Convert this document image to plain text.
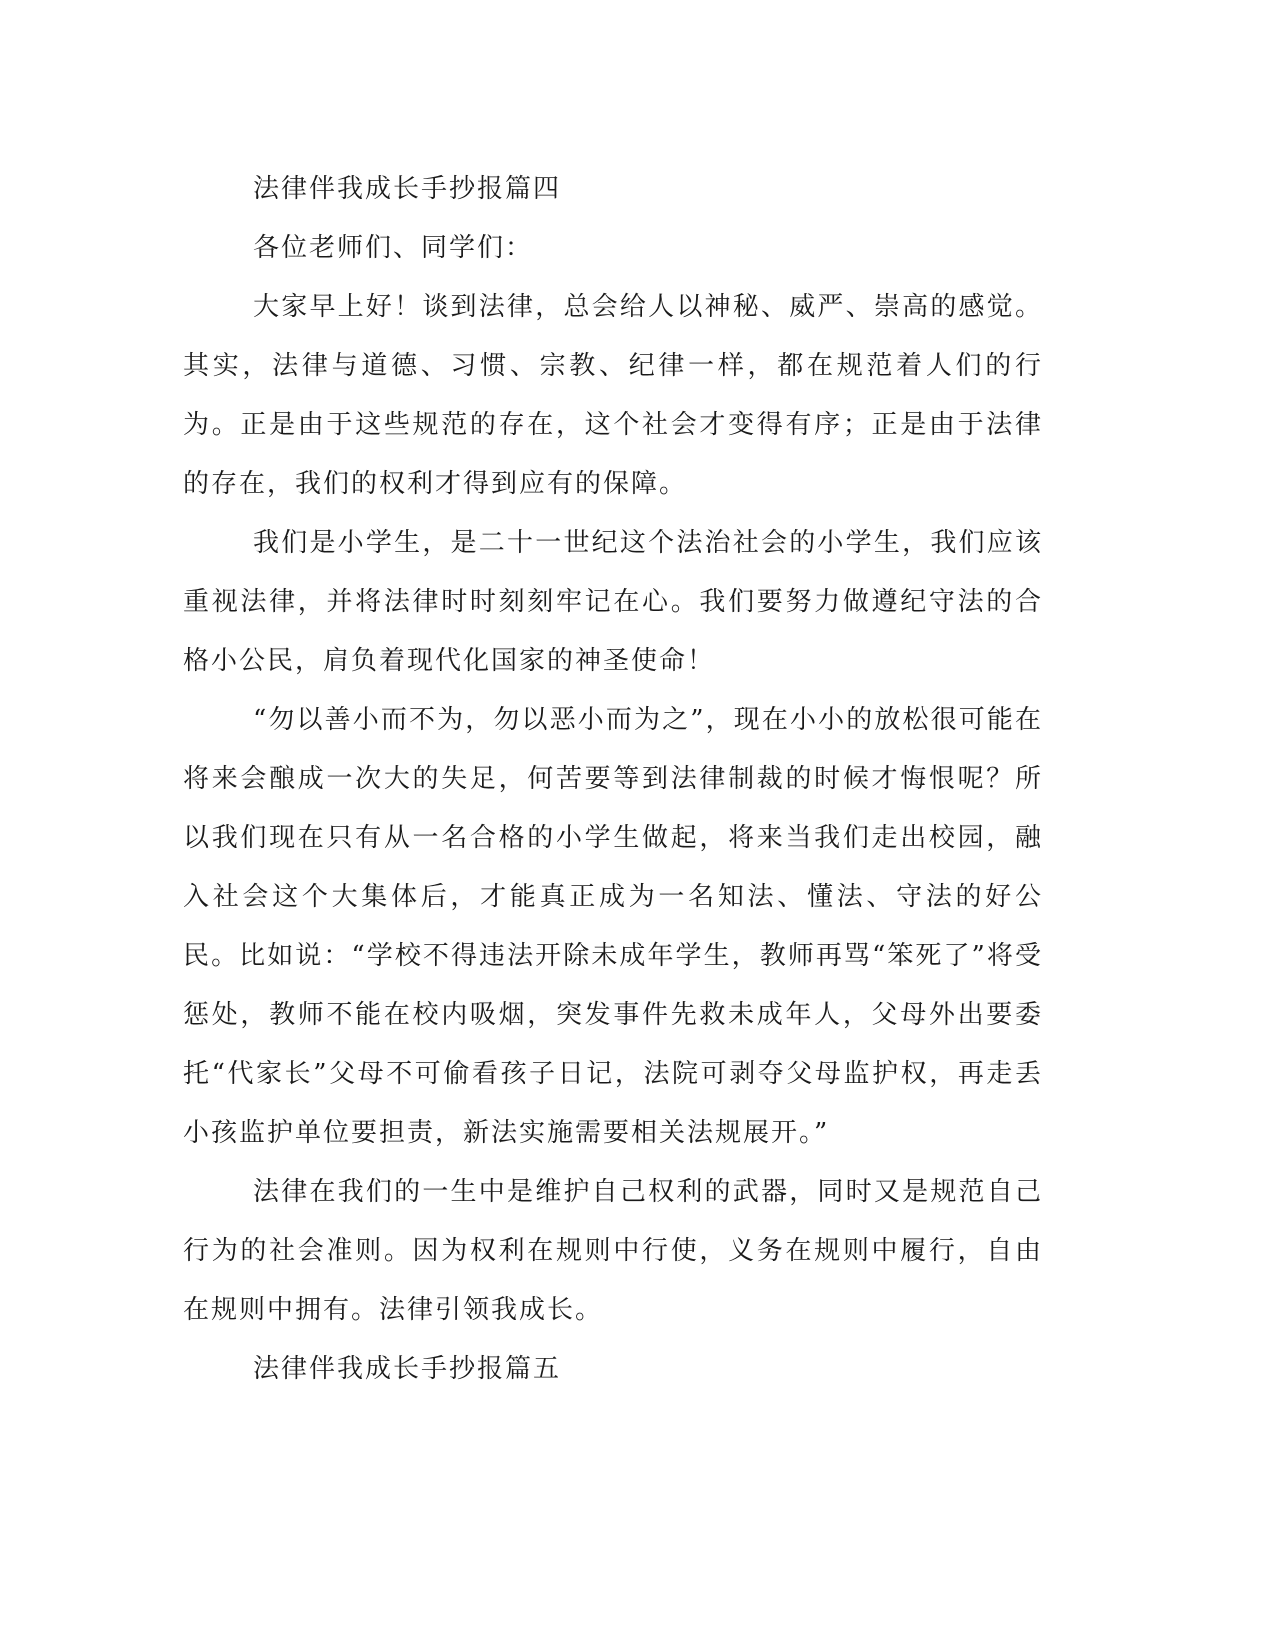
法律伴我成长手抄报篇四

各位老师们、同学们：

大家早上好！谈到法律，总会给人以神秘、威严、崇高的感觉。其实，法律与道德、习惯、宗教、纪律一样，都在规范着人们的行为。正是由于这些规范的存在，这个社会才变得有序；正是由于法律的存在，我们的权利才得到应有的保障。

我们是小学生，是二十一世纪这个法治社会的小学生，我们应该重视法律，并将法律时时刻刻牢记在心。我们要努力做遵纪守法的合格小公民，肩负着现代化国家的神圣使命！

“勿以善小而不为，勿以恶小而为之”，现在小小的放松很可能在将来会酿成一次大的失足，何苦要等到法律制裁的时候才悔恨呢？所以我们现在只有从一名合格的小学生做起，将来当我们走出校园，融入社会这个大集体后，才能真正成为一名知法、懂法、守法的好公民。比如说：“学校不得违法开除未成年学生，教师再骂“笨死了”将受惩处，教师不能在校内吸烟，突发事件先救未成年人，父母外出要委托“代家长”父母不可偷看孩子日记，法院可剥夺父母监护权，再走丢小孩监护单位要担责，新法实施需要相关法规展开。”

法律在我们的一生中是维护自己权利的武器，同时又是规范自己行为的社会准则。因为权利在规则中行使，义务在规则中履行，自由在规则中拥有。法律引领我成长。

法律伴我成长手抄报篇五
